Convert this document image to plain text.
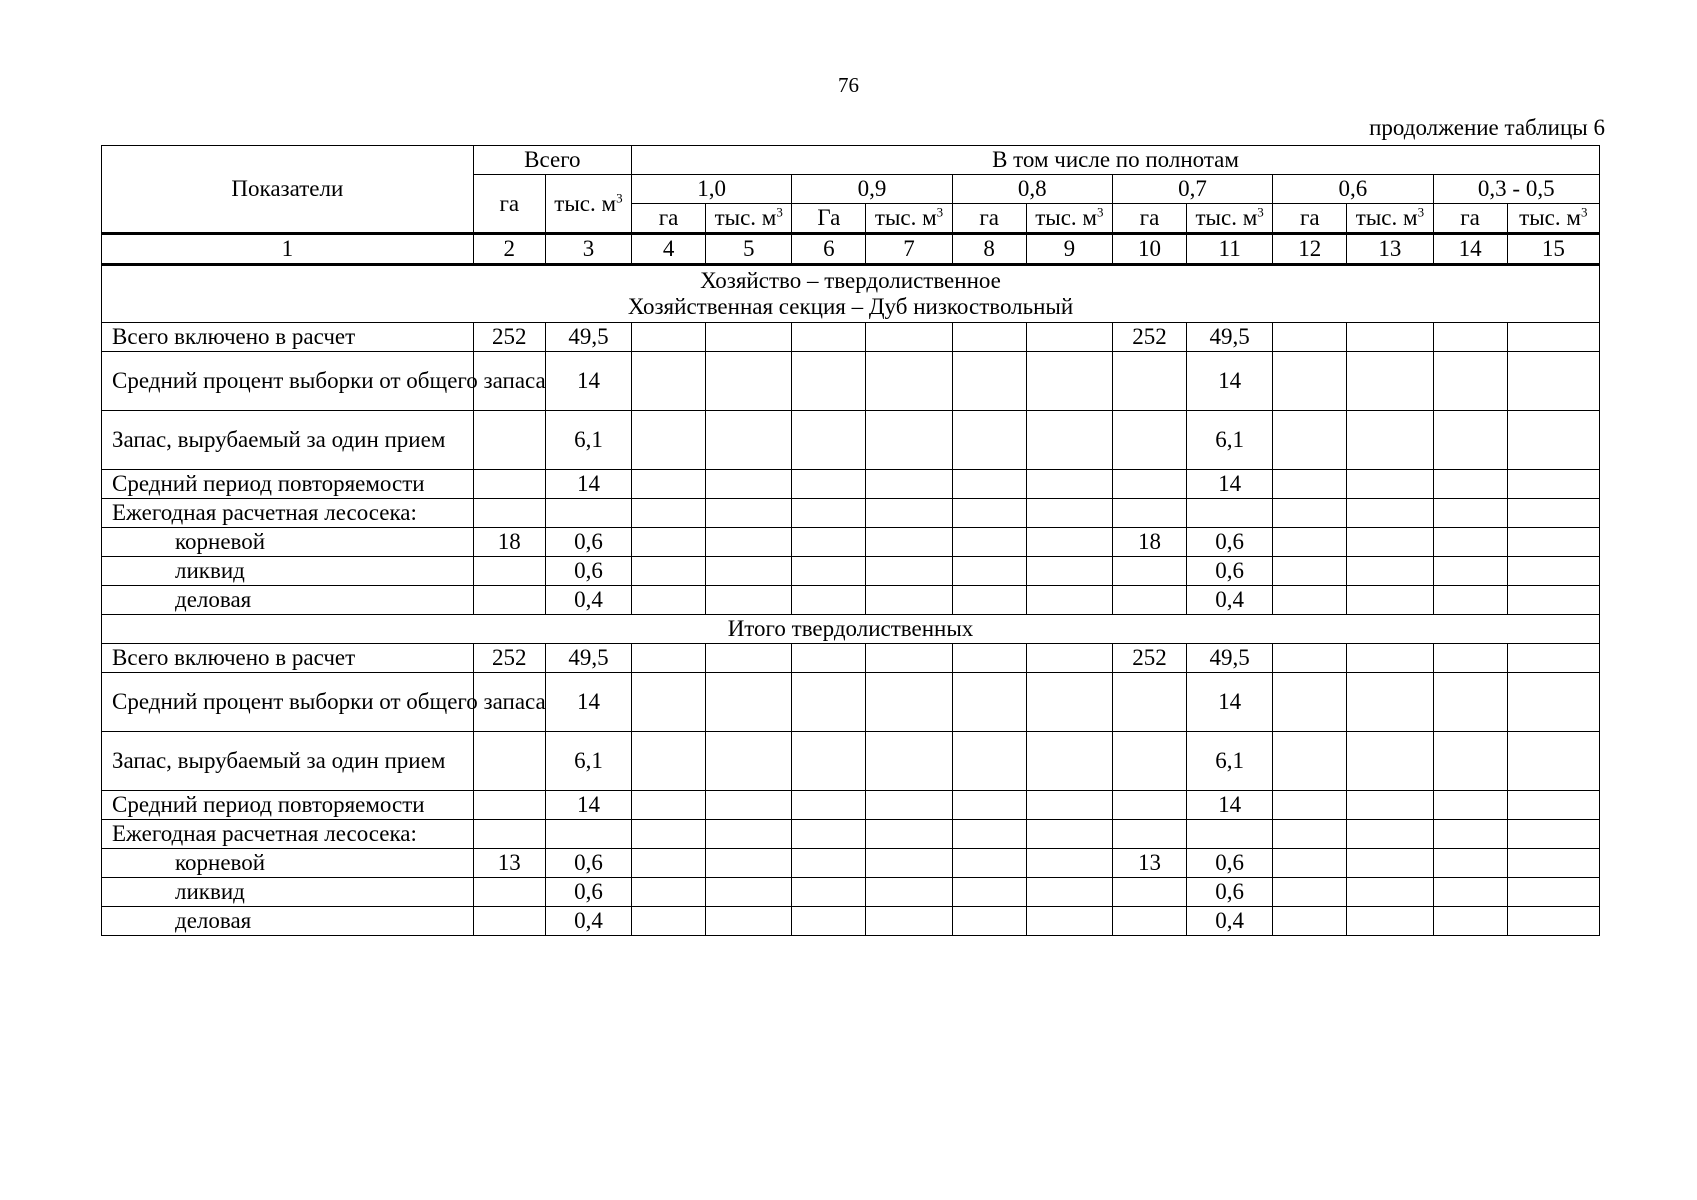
76
продолжение таблицы 6
Показатели	Всего		В том числе по полнотам											
	га	тыс. $м^3$	1,0		0,9		0,8		0,7		0,6		0,3 - 0,5	
			га	тыс. $м^3$	Га	тыс. $м^3$	га	тыс. $м^3$	га	тыс. $м^3$	га	тыс. $м^3$	га	тыс. $м^3$
1	2	3	4	5	6	7	8	9	10	11	12	13	14	15

Хозяйство – твердолиственное
Хозяйственная секция – Дуб низкоствольный														

Всего включено в расчет	252	49,5							252	49,5				
Средний процент выборки от общего запаса		14								14				
Запас, вырубаемый за один прием		6,1								6,1				
Средний период повторяемости		14								14				
Ежегодная расчетная лесосека:														
корневой	18	0,6							18	0,6				
ликвид		0,6								0,6				
деловая		0,4								0,4				

Итого твердолиственных														

Всего включено в расчет	252	49,5							252	49,5				
Средний процент выборки от общего запаса		14								14				
Запас, вырубаемый за один прием		6,1								6,1				
Средний период повторяемости		14								14				
Ежегодная расчетная лесосека:														
корневой	13	0,6							13	0,6				
ликвид		0,6								0,6				
деловая		0,4								0,4				
